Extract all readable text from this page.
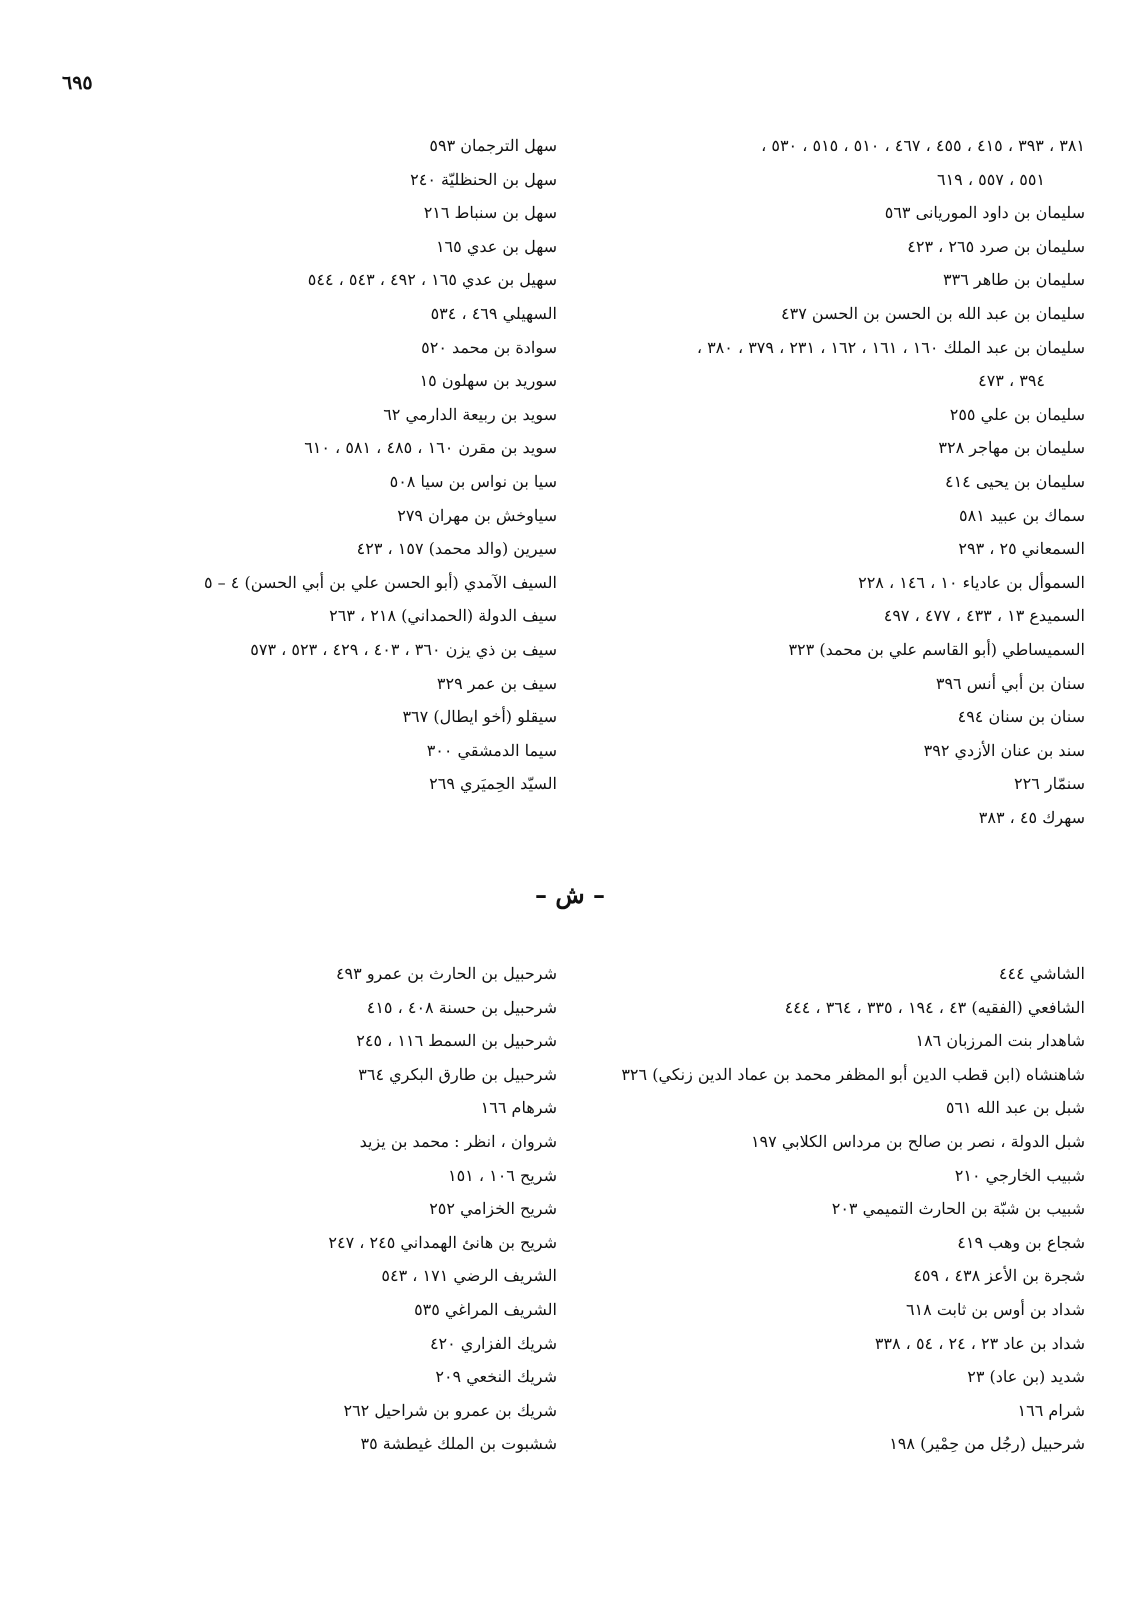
٦٩٥
٣٨١ ، ٣٩٣ ، ٤١٥ ، ٤٥٥ ، ٤٦٧ ، ٥١٠ ، ٥١٥ ، ٥٣٠ ،
٥٥١ ، ٥٥٧ ، ٦١٩
سليمان بن داود الموريانى ٥٦٣
سليمان بن صرد ٢٦٥ ، ٤٢٣
سليمان بن طاهر ٣٣٦
سليمان بن عبد الله بن الحسن بن الحسن ٤٣٧
سليمان بن عبد الملك ١٦٠ ، ١٦١ ، ١٦٢ ، ٢٣١ ، ٣٧٩ ، ٣٨٠ ،
٣٩٤ ، ٤٧٣
سليمان بن علي ٢٥٥
سليمان بن مهاجر ٣٢٨
سليمان بن يحيى ٤١٤
سماك بن عبيد ٥٨١
السمعاني ٢٥ ، ٢٩٣
السموأل بن عادياء ١٠ ، ١٤٦ ، ٢٢٨
السميدع ١٣ ، ٤٣٣ ، ٤٧٧ ، ٤٩٧
السميساطي (أبو القاسم علي بن محمد) ٣٢٣
سنان بن أبي أنس ٣٩٦
سنان بن سنان ٤٩٤
سند بن عنان الأزدي ٣٩٢
سنمّار ٢٢٦
سهرك ٤٥ ، ٣٨٣
سهل الترجمان ٥٩٣
سهل بن الحنظليّة ٢٤٠
سهل بن سنباط ٢١٦
سهل بن عدي ١٦٥
سهيل بن عدي ١٦٥ ، ٤٩٢ ، ٥٤٣ ، ٥٤٤
السهيلي ٤٦٩ ، ٥٣٤
سوادة بن محمد ٥٢٠
سوريد بن سهلون ١٥
سويد بن ربيعة الدارمي ٦٢
سويد بن مقرن ١٦٠ ، ٤٨٥ ، ٥٨١ ، ٦١٠
سيا بن نواس بن سيا ٥٠٨
سياوخش بن مهران ٢٧٩
سيرين (والد محمد) ١٥٧ ، ٤٢٣
السيف الآمدي (أبو الحسن علي بن أبي الحسن) ٤ – ٥
سيف الدولة (الحمداني) ٢١٨ ، ٢٦٣
سيف بن ذي يزن ٣٦٠ ، ٤٠٣ ، ٤٢٩ ، ٥٢٣ ، ٥٧٣
سيف بن عمر ٣٢٩
سيقلو (أخو ايطال) ٣٦٧
سيما الدمشقي ٣٠٠
السيّد الحِميَري ٢٦٩
– ش –
الشاشي ٤٤٤
الشافعي (الفقيه) ٤٣ ، ١٩٤ ، ٣٣٥ ، ٣٦٤ ، ٤٤٤
شاهدار بنت المرزبان ١٨٦
شاهنشاه (ابن قطب الدين أبو المظفر محمد بن عماد الدين زنكي) ٣٢٦
شبل بن عبد الله ٥٦١
شبل الدولة ، نصر بن صالح بن مرداس الكلابي ١٩٧
شبيب الخارجي ٢١٠
شبيب بن شبّة بن الحارث التميمي ٢٠٣
شجاع بن وهب ٤١٩
شجرة بن الأعز ٤٣٨ ، ٤٥٩
شداد بن أوس بن ثابت ٦١٨
شداد بن عاد ٢٣ ، ٢٤ ، ٥٤ ، ٣٣٨
شديد (بن عاد) ٢٣
شرام ١٦٦
شرحبيل (رجُل من حِمْير) ١٩٨
شرحبيل بن الحارث بن عمرو ٤٩٣
شرحبيل بن حسنة ٤٠٨ ، ٤١٥
شرحبيل بن السمط ١١٦ ، ٢٤٥
شرحبيل بن طارق البكري ٣٦٤
شرهام ١٦٦
شروان ، انظر : محمد بن يزيد
شريح ١٠٦ ، ١٥١
شريح الخزامي ٢٥٢
شريح بن هانئ الهمداني ٢٤٥ ، ٢٤٧
الشريف الرضي ١٧١ ، ٥٤٣
الشريف المراغي ٥٣٥
شريك الفزاري ٤٢٠
شريك النخعي ٢٠٩
شريك بن عمرو بن شراحيل ٢٦٢
ششبوت بن الملك غيطشة ٣٥
